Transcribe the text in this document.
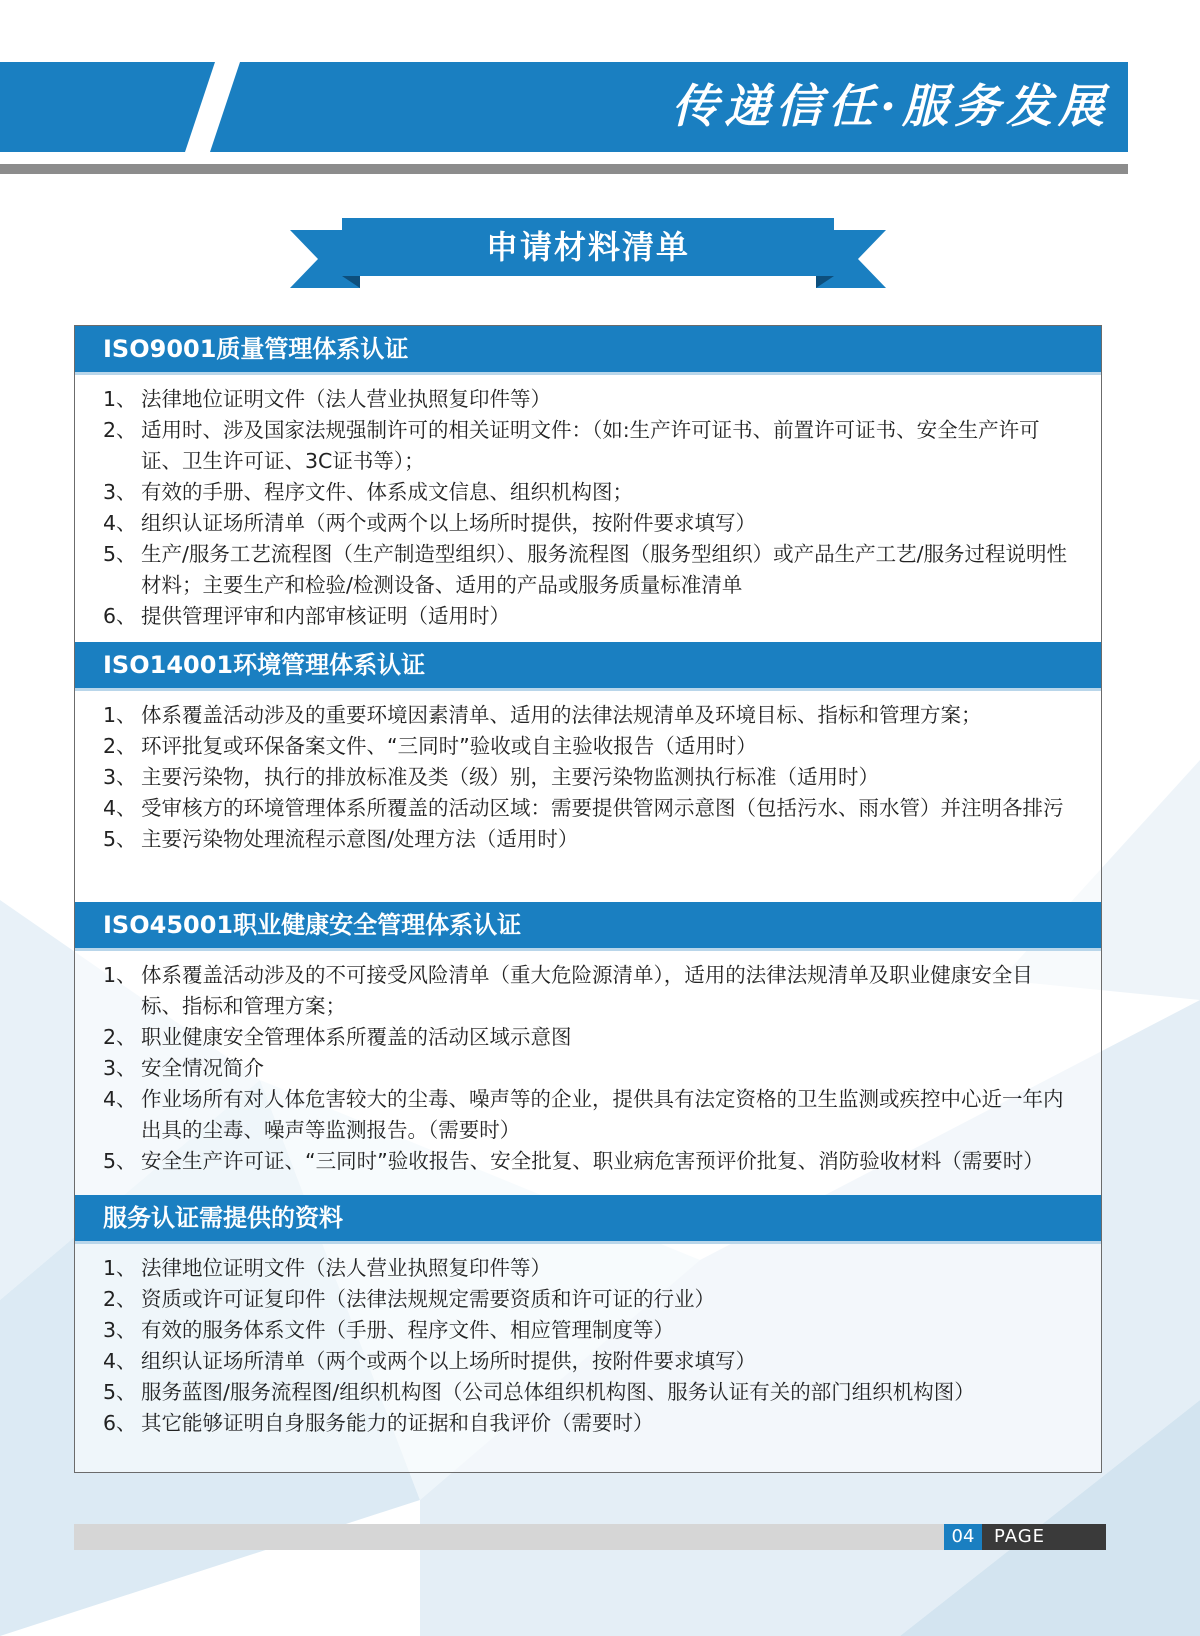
传递信任·服务发展
申请材料清单
ISO9001质量管理体系认证
1、 法律地位证明文件（法人营业执照复印件等）
2、 适用时、涉及国家法规强制许可的相关证明文件：（如:生产许可证书、前置许可证书、安全生产许可证、卫生许可证、3C证书等）；
3、 有效的手册、程序文件、体系成文信息、组织机构图；
4、 组织认证场所清单（两个或两个以上场所时提供，按附件要求填写）
5、 生产/服务工艺流程图（生产制造型组织）、服务流程图（服务型组织）或产品生产工艺/服务过程说明性材料；主要生产和检验/检测设备、适用的产品或服务质量标准清单
6、 提供管理评审和内部审核证明（适用时）
ISO14001环境管理体系认证
1、 体系覆盖活动涉及的重要环境因素清单、适用的法律法规清单及环境目标、指标和管理方案；
2、 环评批复或环保备案文件、“三同时”验收或自主验收报告（适用时）
3、 主要污染物，执行的排放标准及类（级）别，主要污染物监测执行标准（适用时）
4、 受审核方的环境管理体系所覆盖的活动区域：需要提供管网示意图（包括污水、雨水管）并注明各排污
5、 主要污染物处理流程示意图/处理方法（适用时）
ISO45001职业健康安全管理体系认证
1、 体系覆盖活动涉及的不可接受风险清单（重大危险源清单），适用的法律法规清单及职业健康安全目标、指标和管理方案；
2、 职业健康安全管理体系所覆盖的活动区域示意图
3、 安全情况简介
4、 作业场所有对人体危害较大的尘毒、噪声等的企业，提供具有法定资格的卫生监测或疾控中心近一年内出具的尘毒、噪声等监测报告。（需要时）
5、 安全生产许可证、“三同时”验收报告、安全批复、职业病危害预评价批复、消防验收材料（需要时）
服务认证需提供的资料
1、 法律地位证明文件（法人营业执照复印件等）
2、 资质或许可证复印件（法律法规规定需要资质和许可证的行业）
3、 有效的服务体系文件（手册、程序文件、相应管理制度等）
4、 组织认证场所清单（两个或两个以上场所时提供，按附件要求填写）
5、 服务蓝图/服务流程图/组织机构图（公司总体组织机构图、服务认证有关的部门组织机构图）
6、 其它能够证明自身服务能力的证据和自我评价（需要时）
04	PAGE
